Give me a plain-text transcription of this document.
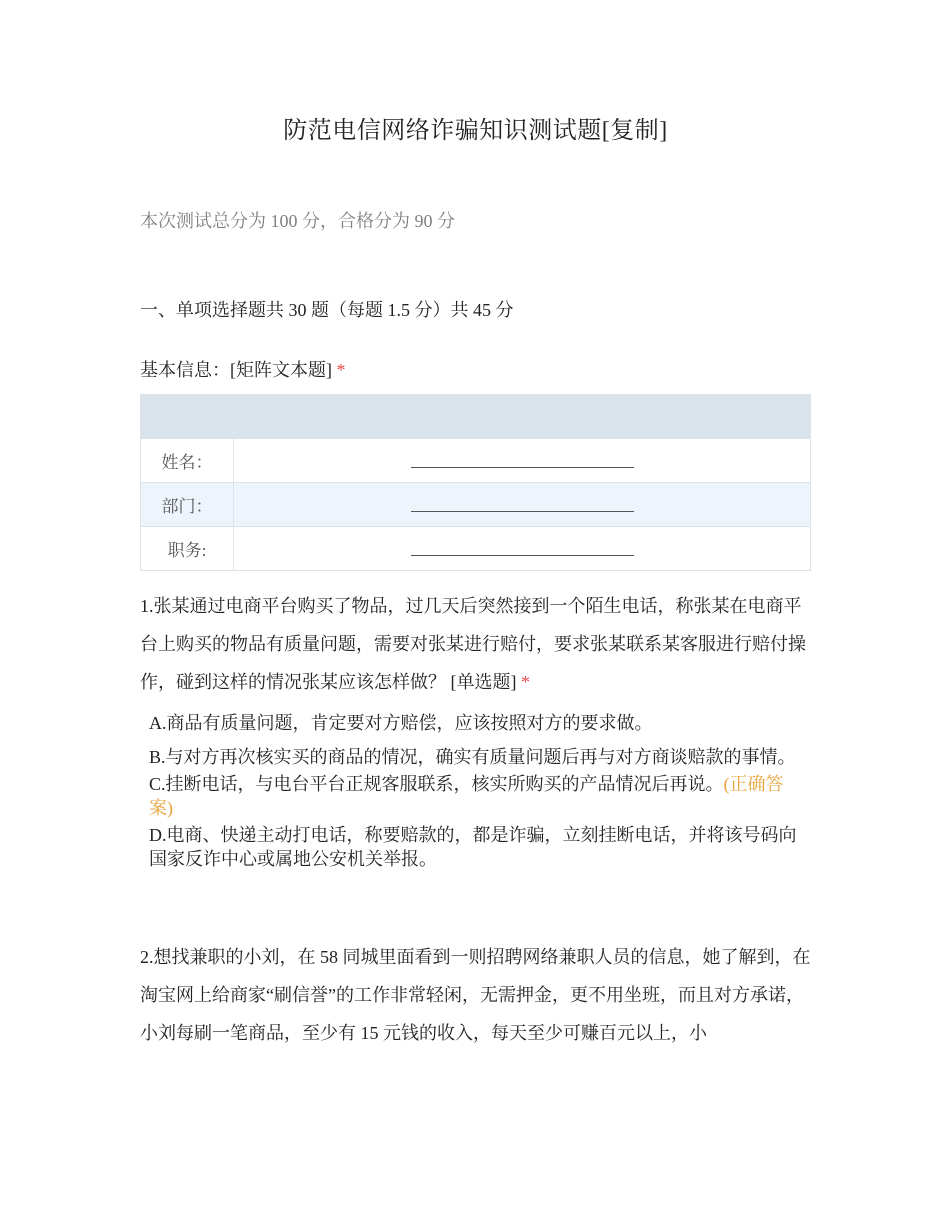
防范电信网络诈骗知识测试题[复制]
本次测试总分为 100 分，合格分为 90 分
一、单项选择题共 30 题（每题 1.5 分）共 45 分
基本信息：[矩阵文本题] *

姓名：	
部门：	
职务:	
1.张某通过电商平台购买了物品，过几天后突然接到一个陌生电话，称张某在电商平台上购买的物品有质量问题，需要对张某进行赔付，要求张某联系某客服进行赔付操作，碰到这样的情况张某应该怎样做？ [单选题] *
A.商品有质量问题，肯定要对方赔偿，应该按照对方的要求做。
B.与对方再次核实买的商品的情况，确实有质量问题后再与对方商谈赔款的事情。
C.挂断电话，与电台平台正规客服联系，核实所购买的产品情况后再说。(正确答案)
D.电商、快递主动打电话，称要赔款的，都是诈骗，立刻挂断电话，并将该号码向国家反诈中心或属地公安机关举报。
2.想找兼职的小刘，在 58 同城里面看到一则招聘网络兼职人员的信息，她了解到，在淘宝网上给商家“刷信誉”的工作非常轻闲，无需押金，更不用坐班，而且对方承诺，小刘每刷一笔商品，至少有 15 元钱的收入，每天至少可赚百元以上，小
